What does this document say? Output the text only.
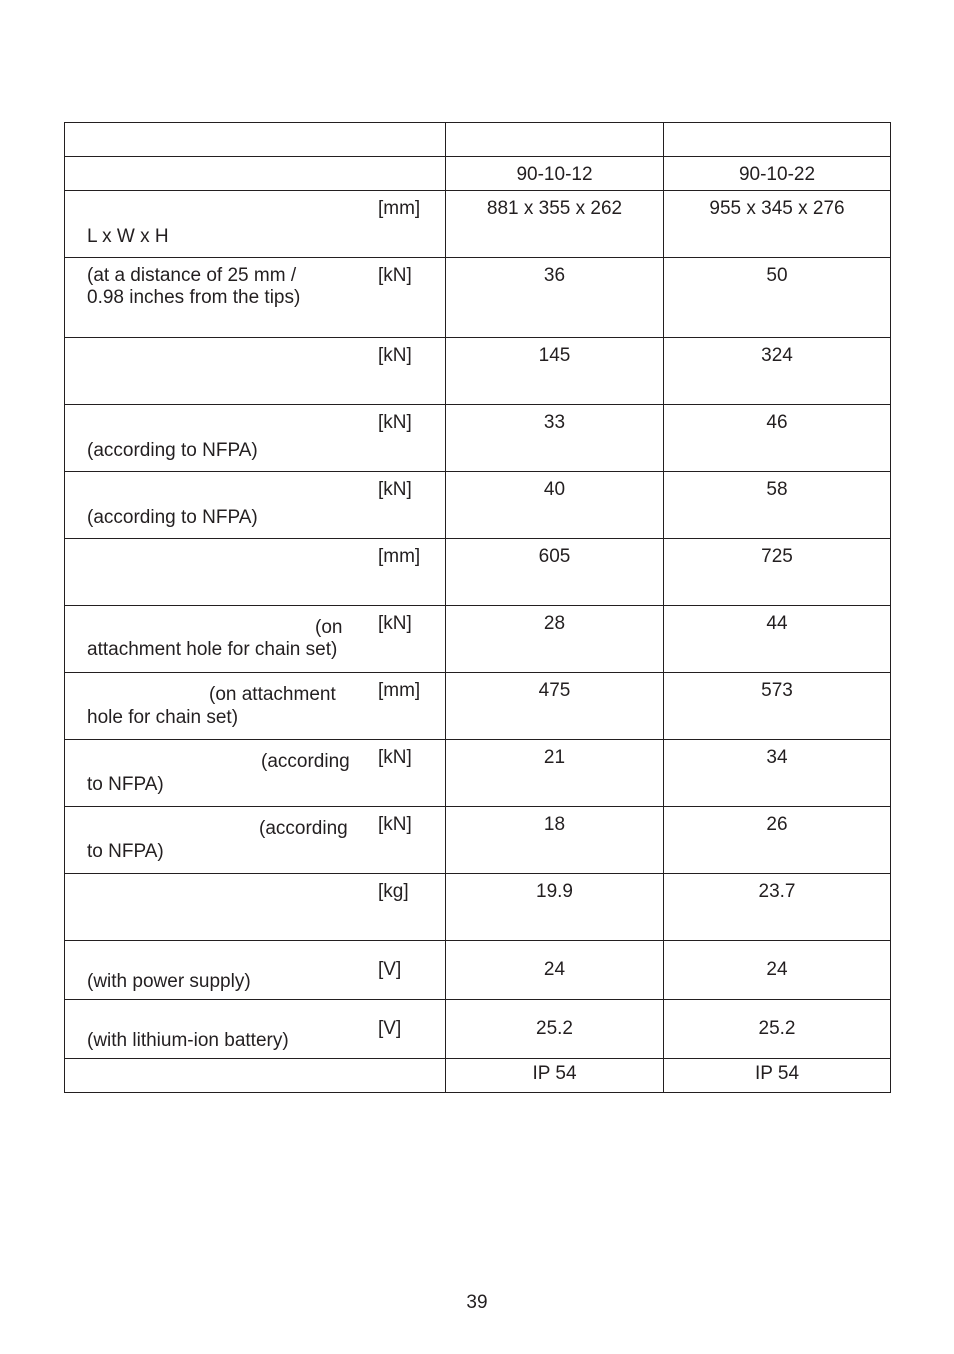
	90-10-12	90-10-22

L x W x H
[mm]	881 x 355 x 262	955 x 345 x 276

(at a distance of 25 mm /
0.98 inches from the tips)
[kN]	36	50

[kN]	145	324

(according to NFPA)
[kN]	33	46

(according to NFPA)
[kN]	40	58

[mm]	605	725

(on
attachment hole for chain set)
[kN]	28	44

(on attachment
hole for chain set)
[mm]	475	573

(according
to NFPA)
[kN]	21	34

(according
to NFPA)
[kN]	18	26

[kg]	19.9	23.7

(with power supply)
[V]	24	24

(with lithium-ion battery)
[V]	25.2	25.2

	IP 54	IP 54
39
